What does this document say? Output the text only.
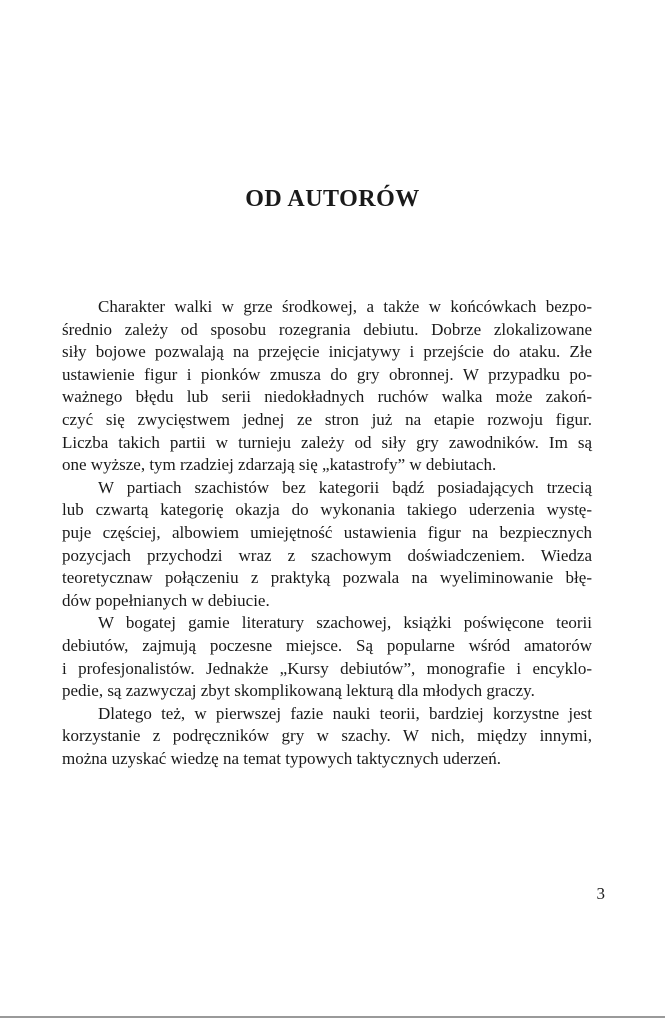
OD AUTORÓW
Charakter walki w grze środkowej, a także w końcówkach bezpo-
średnio zależy od sposobu rozegrania debiutu. Dobrze zlokalizowane
siły bojowe pozwalają na przejęcie inicjatywy i przejście do ataku. Złe
ustawienie figur i pionków zmusza do gry obronnej. W przypadku po-
ważnego błędu lub serii niedokładnych ruchów walka może zakoń-
czyć się zwycięstwem jednej ze stron już na etapie rozwoju figur.
Liczba takich partii w turnieju zależy od siły gry zawodników. Im są
one wyższe, tym rzadziej zdarzają się „katastrofy” w debiutach.
W partiach szachistów bez kategorii bądź posiadających trzecią
lub czwartą kategorię okazja do wykonania takiego uderzenia wystę-
puje częściej, albowiem umiejętność ustawienia figur na bezpiecznych
pozycjach przychodzi wraz z szachowym doświadczeniem. Wiedza
teoretycznaw połączeniu z praktyką pozwala na wyeliminowanie błę-
dów popełnianych w debiucie.
W bogatej gamie literatury szachowej, książki poświęcone teorii
debiutów, zajmują poczesne miejsce. Są popularne wśród amatorów
i profesjonalistów. Jednakże „Kursy debiutów”, monografie i encyklo-
pedie, są zazwyczaj zbyt skomplikowaną lekturą dla młodych graczy.
Dlatego też, w pierwszej fazie nauki teorii, bardziej korzystne jest
korzystanie z podręczników gry w szachy. W nich, między innymi,
można uzyskać wiedzę na temat typowych taktycznych uderzeń.
3
